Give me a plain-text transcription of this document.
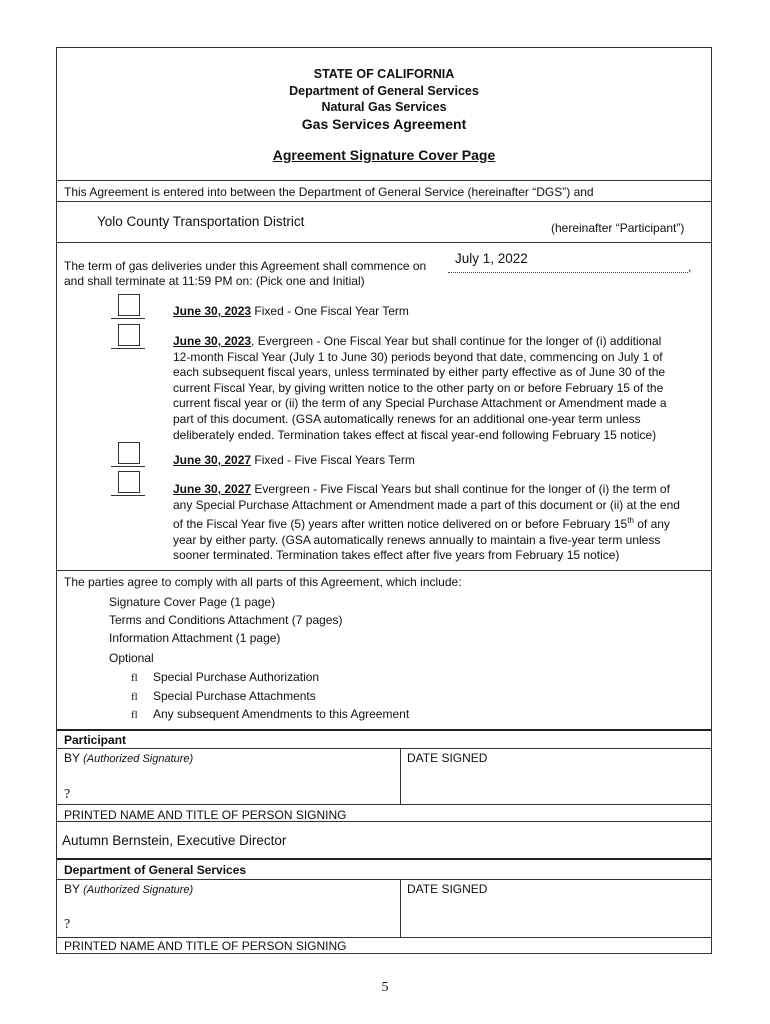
STATE OF CALIFORNIA
Department of General Services
Natural Gas Services
Gas Services Agreement
Agreement Signature Cover Page
This Agreement is entered into between the Department of General Service (hereinafter “DGS”) and
Yolo County Transportation District	(hereinafter “Participant”)
The term of gas deliveries under this Agreement shall commence on	,
July 1, 2022
and shall terminate at 11:59 PM on: (Pick one and Initial)
June 30, 2023 Fixed - One Fiscal Year Term
June 30, 2023, Evergreen - One Fiscal Year but shall continue for the longer of (i) additional
12-month Fiscal Year (July 1 to June 30) periods beyond that date, commencing on July 1 of
each subsequent fiscal years, unless terminated by either party effective as of June 30 of the
current Fiscal Year, by giving written notice to the other party on or before February 15 of the
current fiscal year or (ii) the term of any Special Purchase Attachment or Amendment made a
part of this document. (GSA automatically renews for an additional one-year term unless
deliberately ended. Termination takes effect at fiscal year-end following February 15 notice)
June 30, 2027 Fixed - Five Fiscal Years Term
June 30, 2027 Evergreen - Five Fiscal Years but shall continue for the longer of (i) the term of
any Special Purchase Attachment or Amendment made a part of this document or (ii) at the end
of the Fiscal Year five (5) years after written notice delivered on or before February 15th of any
year by either party. (GSA automatically renews annually to maintain a five-year term unless
sooner terminated. Termination takes effect after five years from February 15 notice)
The parties agree to comply with all parts of this Agreement, which include:
Signature Cover Page (1 page)
Terms and Conditions Attachment (7 pages)
Information Attachment (1 page)
Optional
fl Special Purchase Authorization
fl Special Purchase Attachments
fl Any subsequent Amendments to this Agreement
Participant
BY (Authorized Signature)
?
DATE SIGNED
PRINTED NAME AND TITLE OF PERSON SIGNING
Autumn Bernstein, Executive Director
Department of General Services
BY (Authorized Signature)
?
DATE SIGNED
PRINTED NAME AND TITLE OF PERSON SIGNING
5
